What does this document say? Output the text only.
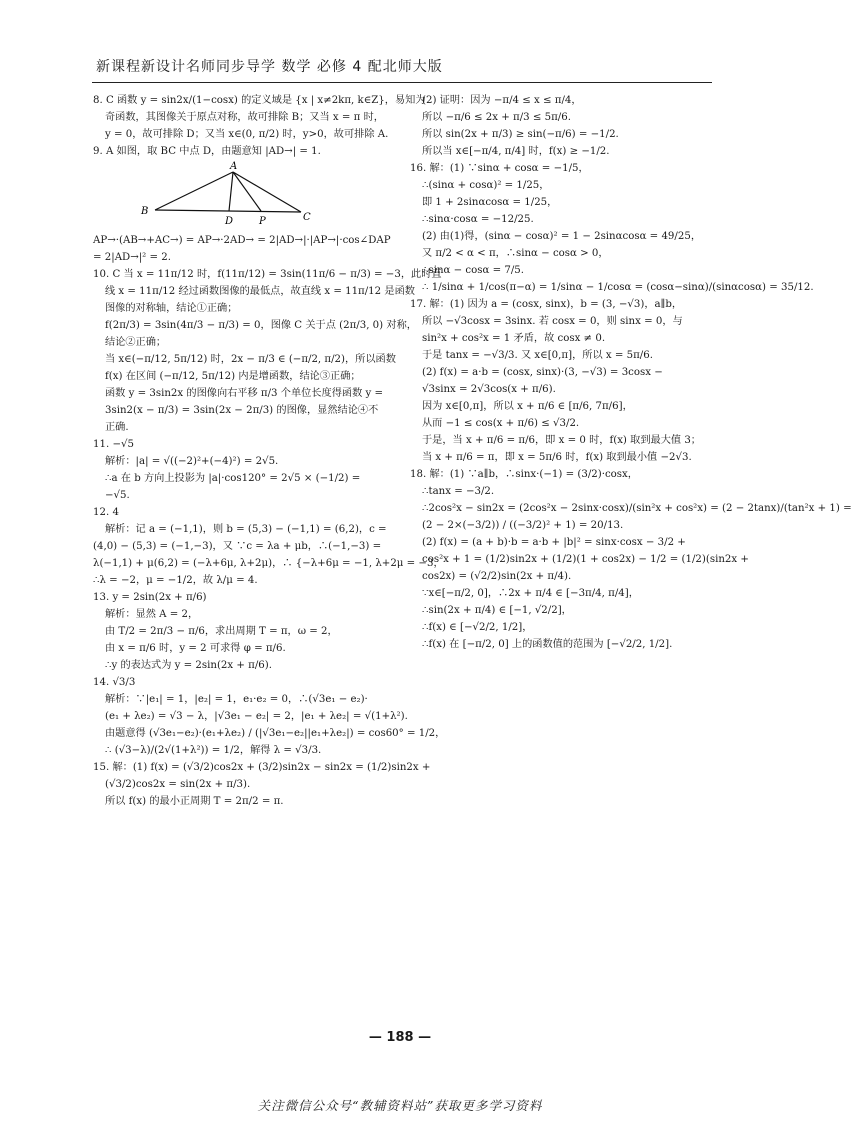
新课程新设计名师同步导学 数学 必修 4 配北师大版
8. C 函数 y = sin2x/(1−cosx) 的定义域是 {x | x≠2kπ, k∈Z}，易知为
奇函数，其图像关于原点对称，故可排除 B；又当 x = π 时，
y = 0，故可排除 D；又当 x∈(0, π/2) 时，y>0，故可排除 A.
9. A 如图，取 BC 中点 D，由题意知 |AD→| = 1.
A
B
D	P	C
AP→·(AB→+AC→) = AP→·2AD→ = 2|AD→|·|AP→|·cos∠DAP
= 2|AD→|² = 2.
10. C 当 x = 11π/12 时，f(11π/12) = 3sin(11π/6 − π/3) = −3，此时直
线 x = 11π/12 经过函数图像的最低点，故直线 x = 11π/12 是函数
图像的对称轴，结论①正确；
f(2π/3) = 3sin(4π/3 − π/3) = 0，图像 C 关于点 (2π/3, 0) 对称，
结论②正确；
当 x∈(−π/12, 5π/12) 时，2x − π/3 ∈ (−π/2, π/2)，所以函数
f(x) 在区间 (−π/12, 5π/12) 内是增函数，结论③正确；
函数 y = 3sin2x 的图像向右平移 π/3 个单位长度得函数 y =
3sin2(x − π/3) = 3sin(2x − 2π/3) 的图像，显然结论④不
正确.
11. −√5
解析：|a| = √((−2)²+(−4)²) = 2√5.
∴a 在 b 方向上投影为 |a|·cos120° = 2√5 × (−1/2) =
−√5.
12. 4
解析：记 a = (−1,1)，则 b = (5,3) − (−1,1) = (6,2)，c =
(4,0) − (5,3) = (−1,−3)，又 ∵c = λa + μb，∴(−1,−3) =
λ(−1,1) + μ(6,2) = (−λ+6μ, λ+2μ)，∴ {−λ+6μ = −1, λ+2μ = −3，
∴λ = −2，μ = −1/2，故 λ/μ = 4.
13. y = 2sin(2x + π/6)
解析：显然 A = 2，
由 T/2 = 2π/3 − π/6，求出周期 T = π，ω = 2，
由 x = π/6 时，y = 2 可求得 φ = π/6.
∴y 的表达式为 y = 2sin(2x + π/6).
14. √3/3
解析：∵|e₁| = 1，|e₂| = 1，e₁·e₂ = 0，∴(√3e₁ − e₂)·
(e₁ + λe₂) = √3 − λ，|√3e₁ − e₂| = 2，|e₁ + λe₂| = √(1+λ²).
由题意得 (√3e₁−e₂)·(e₁+λe₂) / (|√3e₁−e₂||e₁+λe₂|) = cos60° = 1/2，
∴ (√3−λ)/(2√(1+λ²)) = 1/2，解得 λ = √3/3.
15. 解：(1) f(x) = (√3/2)cos2x + (3/2)sin2x − sin2x = (1/2)sin2x +
(√3/2)cos2x = sin(2x + π/3).
所以 f(x) 的最小正周期 T = 2π/2 = π.
(2) 证明：因为 −π/4 ≤ x ≤ π/4，
所以 −π/6 ≤ 2x + π/3 ≤ 5π/6.
所以 sin(2x + π/3) ≥ sin(−π/6) = −1/2.
所以当 x∈[−π/4, π/4] 时，f(x) ≥ −1/2.
16. 解：(1) ∵sinα + cosα = −1/5，
∴(sinα + cosα)² = 1/25，
即 1 + 2sinαcosα = 1/25，
∴sinα·cosα = −12/25.
(2) 由(1)得，(sinα − cosα)² = 1 − 2sinαcosα = 49/25，
又 π/2 < α < π，∴sinα − cosα > 0，
∴sinα − cosα = 7/5.
∴ 1/sinα + 1/cos(π−α) = 1/sinα − 1/cosα = (cosα−sinα)/(sinαcosα) = 35/12.
17. 解：(1) 因为 a = (cosx, sinx)，b = (3, −√3)，a∥b，
所以 −√3cosx = 3sinx. 若 cosx = 0，则 sinx = 0，与
sin²x + cos²x = 1 矛盾，故 cosx ≠ 0.
于是 tanx = −√3/3. 又 x∈[0,π]，所以 x = 5π/6.
(2) f(x) = a·b = (cosx, sinx)·(3, −√3) = 3cosx −
√3sinx = 2√3cos(x + π/6).
因为 x∈[0,π]，所以 x + π/6 ∈ [π/6, 7π/6]，
从而 −1 ≤ cos(x + π/6) ≤ √3/2.
于是，当 x + π/6 = π/6，即 x = 0 时，f(x) 取到最大值 3；
当 x + π/6 = π，即 x = 5π/6 时，f(x) 取到最小值 −2√3.
18. 解：(1) ∵a∥b，∴sinx·(−1) = (3/2)·cosx，
∴tanx = −3/2.
∴2cos²x − sin2x = (2cos²x − 2sinx·cosx)/(sin²x + cos²x) = (2 − 2tanx)/(tan²x + 1) =
(2 − 2×(−3/2)) / ((−3/2)² + 1) = 20/13.
(2) f(x) = (a + b)·b = a·b + |b|² = sinx·cosx − 3/2 +
cos²x + 1 = (1/2)sin2x + (1/2)(1 + cos2x) − 1/2 = (1/2)(sin2x +
cos2x) = (√2/2)sin(2x + π/4).
∵x∈[−π/2, 0]，∴2x + π/4 ∈ [−3π/4, π/4]，
∴sin(2x + π/4) ∈ [−1, √2/2]，
∴f(x) ∈ [−√2/2, 1/2]，
∴f(x) 在 [−π/2, 0] 上的函数值的范围为 [−√2/2, 1/2].
— 188 —
关注微信公众号“教辅资料站”获取更多学习资料
